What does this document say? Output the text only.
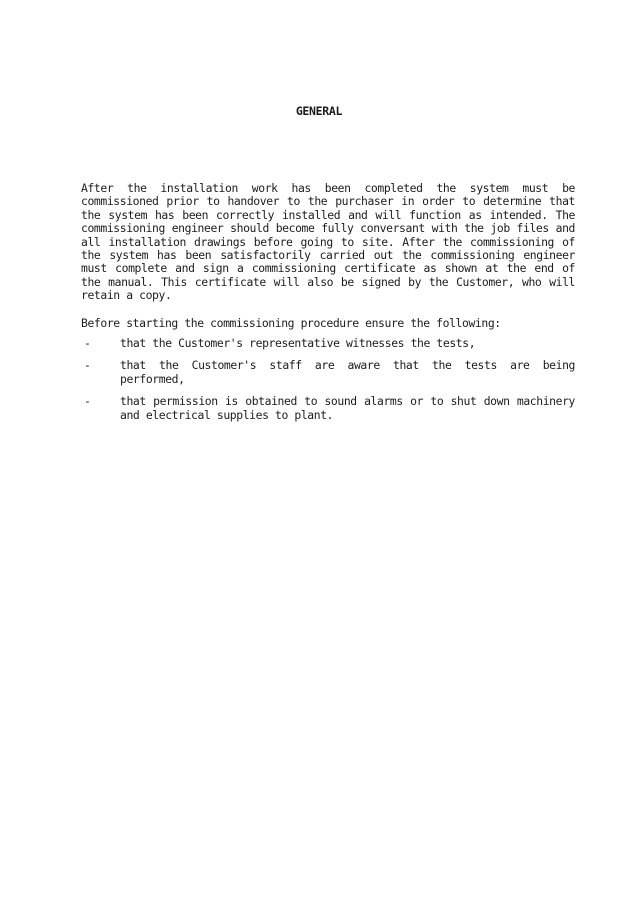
GENERAL

After the installation work has been completed the system must be commissioned prior to handover to the purchaser in order to determine that the system has been correctly installed and will function as intended. The commissioning engineer should become fully conversant with the job files and all installation drawings before going to site. After the commissioning of the system has been satisfactorily carried out the commissioning engineer must complete and sign a commissioning certificate as shown at the end of the manual. This certificate will also be signed by the Customer, who will retain a copy.

Before starting the commissioning procedure ensure the following:

-	that the Customer's representative witnesses the tests,
-	that the Customer's staff are aware that the tests are being performed,
-	that permission is obtained to sound alarms or to shut down machinery and electrical supplies to plant.
